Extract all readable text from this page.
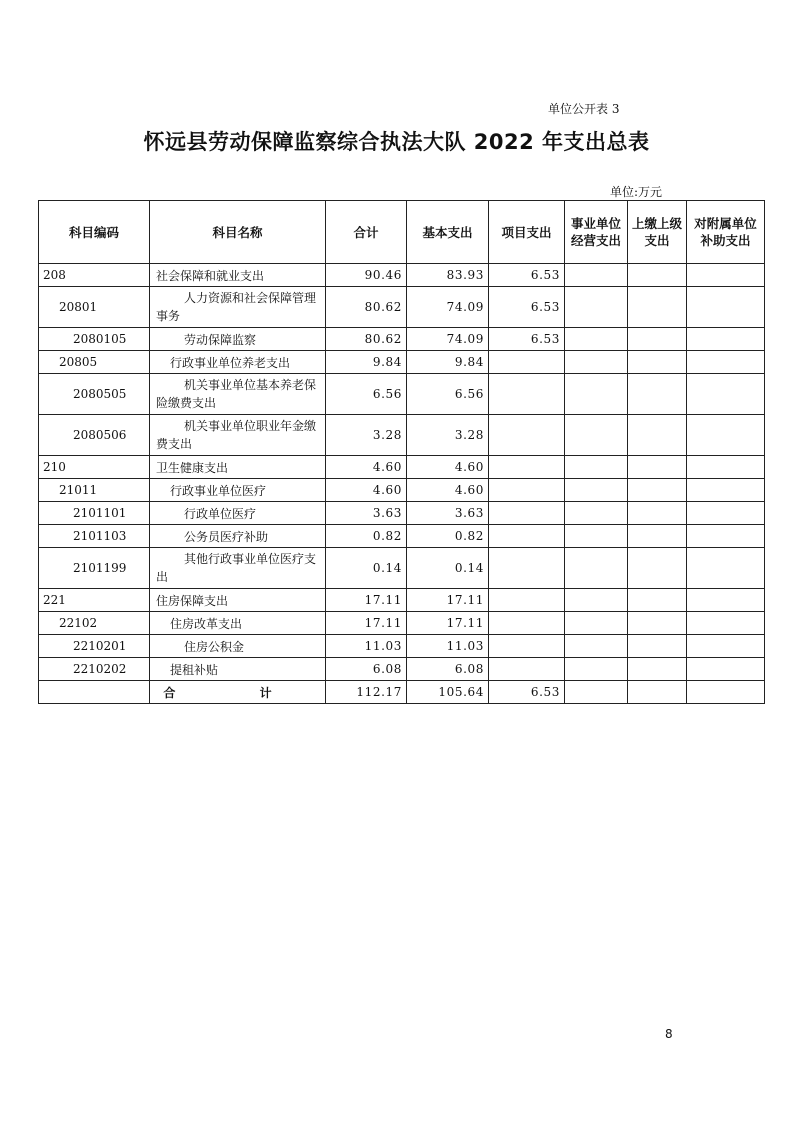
单位公开表 3
怀远县劳动保障监察综合执法大队 2022 年支出总表
单位:万元
科目编码	科目名称	合计	基本支出	项目支出	事业单位经营支出	上缴上级支出	对附属单位补助支出
208	社会保障和就业支出	90.46	83.93	6.53			
20801	人力资源和社会保障管理事务	80.62	74.09	6.53			
2080105	劳动保障监察	80.62	74.09	6.53			
20805	行政事业单位养老支出	9.84	9.84				
2080505	机关事业单位基本养老保险缴费支出	6.56	6.56				
2080506	机关事业单位职业年金缴费支出	3.28	3.28				
210	卫生健康支出	4.60	4.60				
21011	行政事业单位医疗	4.60	4.60				
2101101	行政单位医疗	3.63	3.63				
2101103	公务员医疗补助	0.82	0.82				
2101199	其他行政事业单位医疗支出	0.14	0.14				
221	住房保障支出	17.11	17.11				
22102	住房改革支出	17.11	17.11				
2210201	住房公积金	11.03	11.03				
2210202	提租补贴	6.08	6.08				
	合 计	112.17	105.64	6.53			
8
